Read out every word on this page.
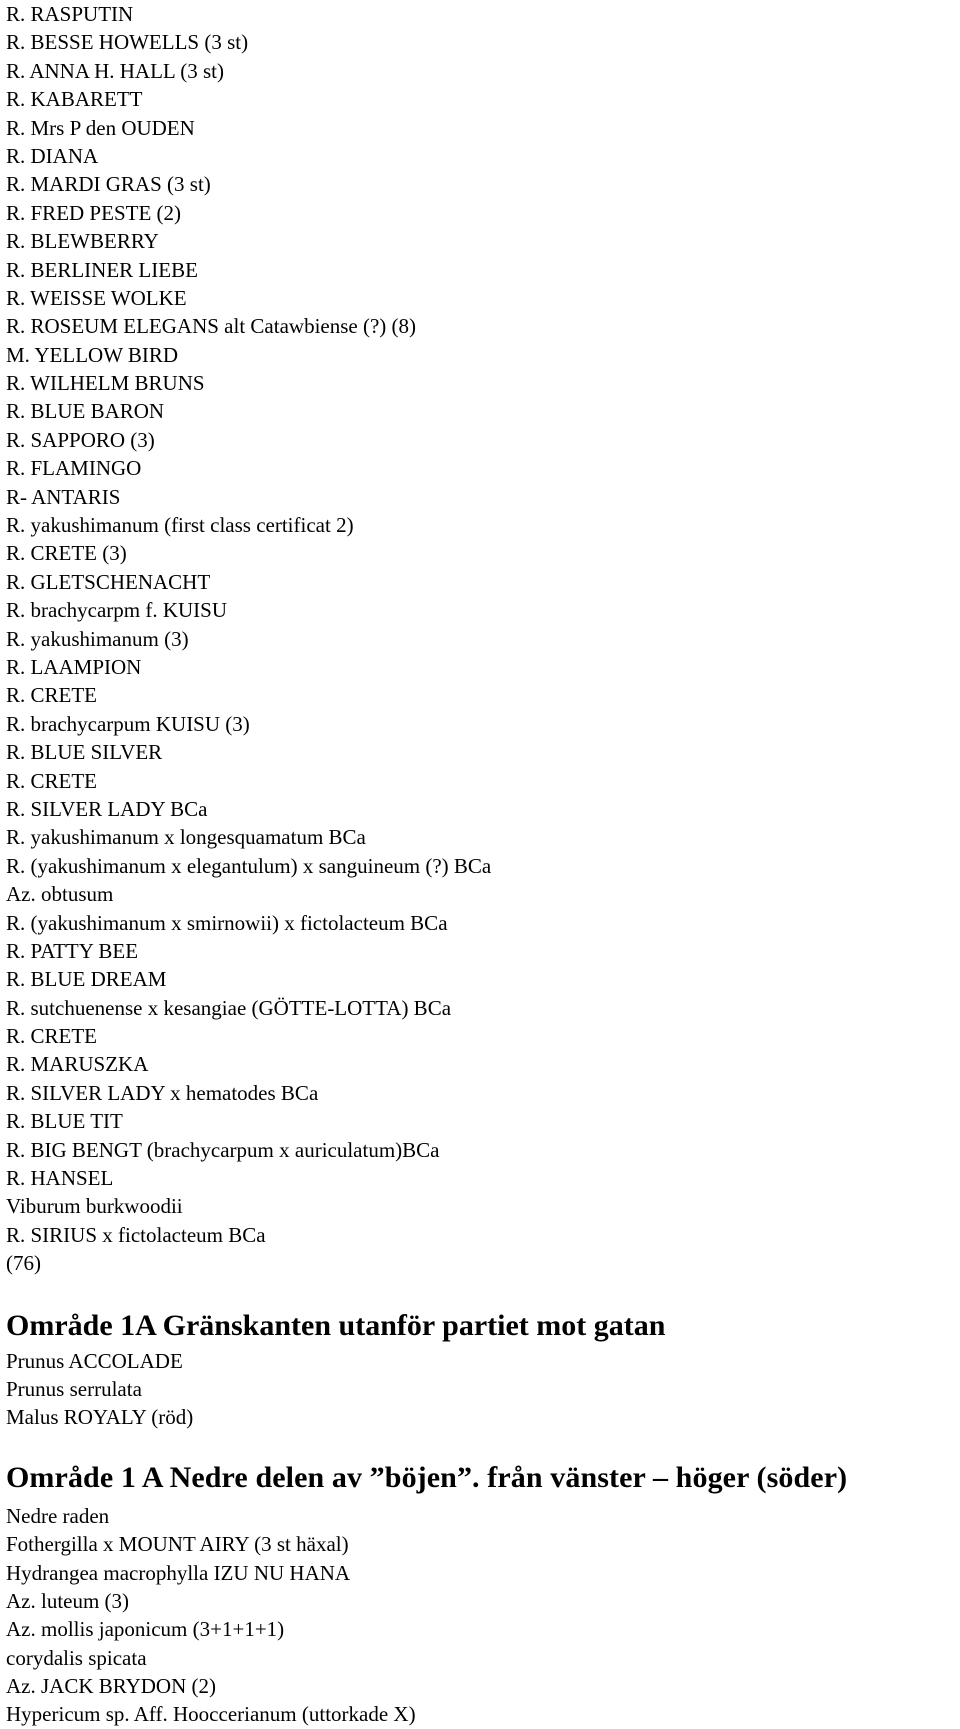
R. RASPUTIN
R. BESSE HOWELLS (3 st)
R. ANNA H. HALL (3 st)
R. KABARETT
R. Mrs P den OUDEN
R. DIANA
R. MARDI GRAS (3 st)
R. FRED PESTE (2)
R. BLEWBERRY
R. BERLINER LIEBE
R. WEISSE WOLKE
R. ROSEUM ELEGANS alt Catawbiense (?) (8)
M. YELLOW BIRD
R. WILHELM BRUNS
R. BLUE BARON
R. SAPPORO (3)
R. FLAMINGO
R- ANTARIS
R. yakushimanum (first class certificat 2)
R. CRETE (3)
R. GLETSCHENACHT
R. brachycarpm f. KUISU
R. yakushimanum (3)
R. LAAMPION
R. CRETE
R. brachycarpum KUISU (3)
R. BLUE SILVER
R. CRETE
R. SILVER LADY BCa
R. yakushimanum x longesquamatum BCa
R. (yakushimanum x elegantulum) x sanguineum (?) BCa
Az. obtusum
R. (yakushimanum x smirnowii) x fictolacteum BCa
R. PATTY BEE
R. BLUE DREAM
R. sutchuenense x kesangiae (GÖTTE-LOTTA) BCa
R. CRETE
R. MARUSZKA
R. SILVER LADY x hematodes BCa
R. BLUE TIT
R. BIG BENGT (brachycarpum x auriculatum)BCa
R. HANSEL
Viburum burkwoodii
R. SIRIUS x fictolacteum BCa
(76)
Område 1A Gränskanten utanför partiet mot gatan
Prunus ACCOLADE
Prunus serrulata
Malus ROYALY (röd)
Område 1 A Nedre delen av ”böjen”. från vänster – höger (söder)
Nedre raden
Fothergilla x MOUNT AIRY (3 st häxal)
Hydrangea macrophylla IZU NU HANA
Az. luteum (3)
Az. mollis japonicum (3+1+1+1)
corydalis spicata
Az. JACK BRYDON (2)
Hypericum sp. Aff. Hooccerianum (uttorkade X)
